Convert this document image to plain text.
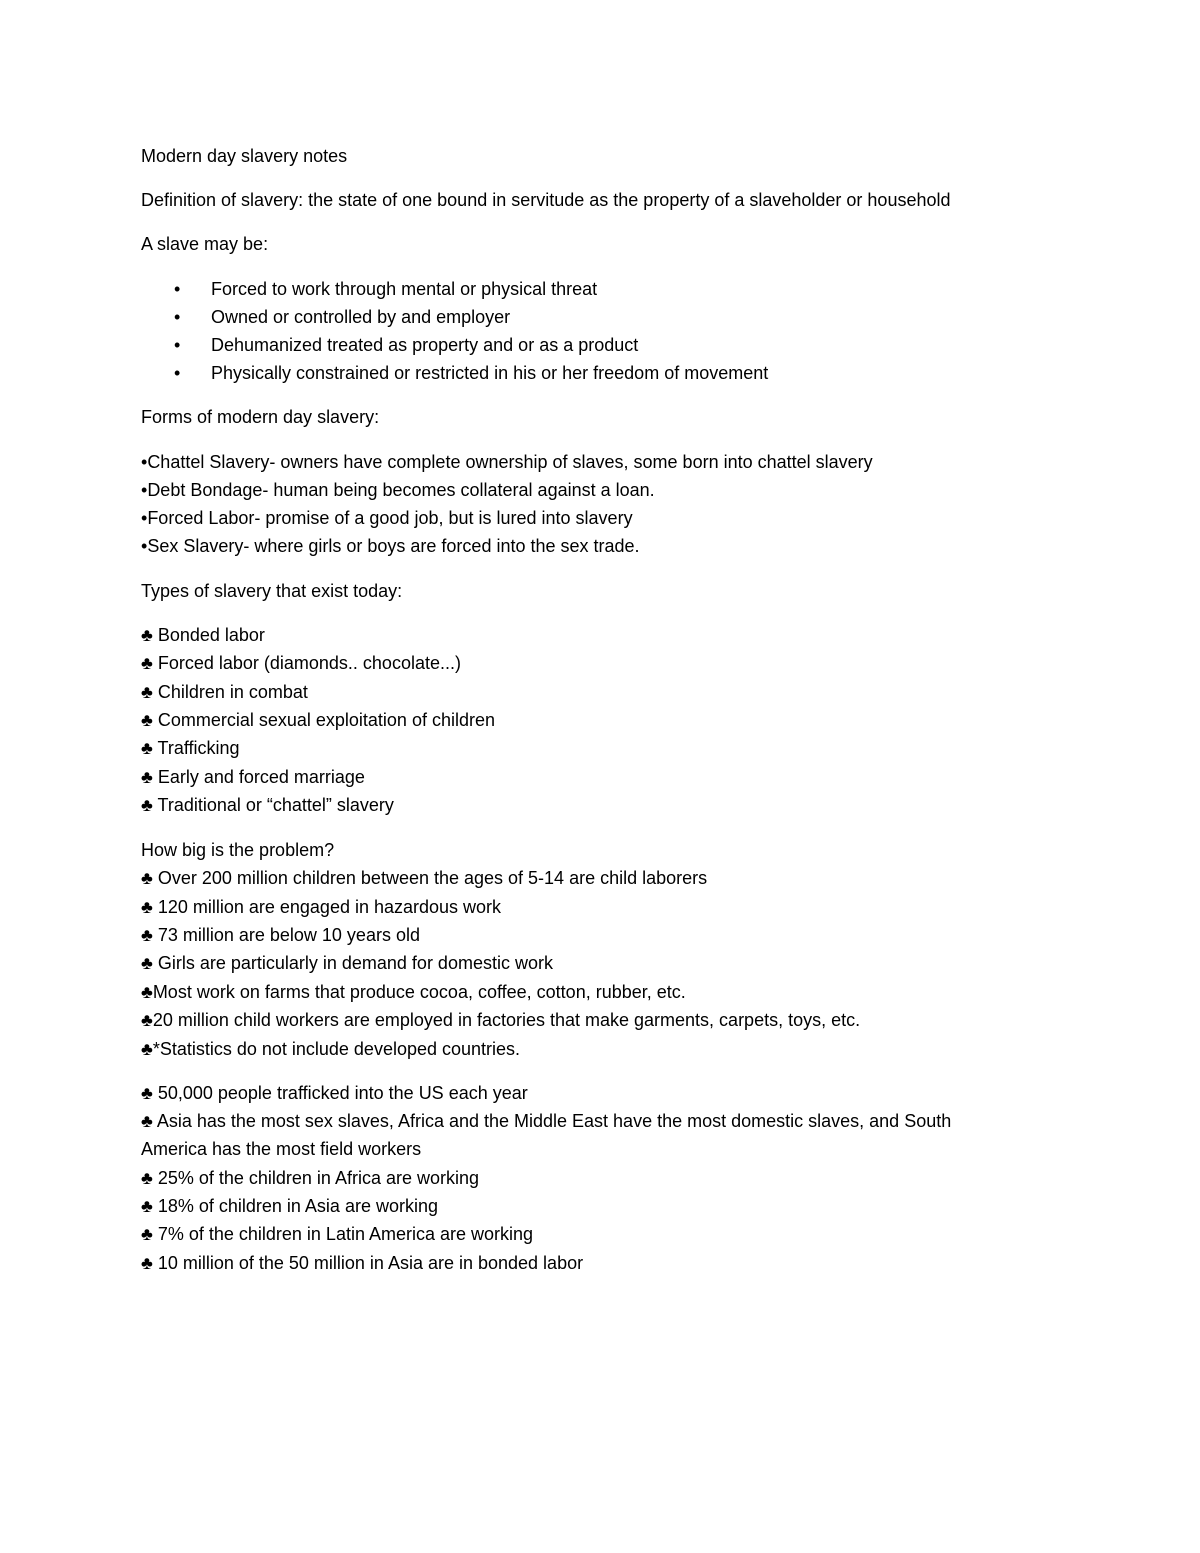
Modern day slavery notes
Definition of slavery: the state of one bound in servitude as the property of a slaveholder or household
A slave may be:
• Forced to work through mental or physical threat
• Owned or controlled by and employer
• Dehumanized treated as property and or as a product
• Physically constrained or restricted in his or her freedom of movement
Forms of modern day slavery:
•Chattel Slavery- owners have complete ownership of slaves, some born into chattel slavery
•Debt Bondage- human being becomes collateral against a loan.
•Forced Labor- promise of a good job, but is lured into slavery
•Sex Slavery- where girls or boys are forced into the sex trade.
Types of slavery that exist today:
♣ Bonded labor
♣ Forced labor (diamonds.. chocolate...)
♣ Children in combat
♣ Commercial sexual exploitation of children
♣ Trafficking
♣ Early and forced marriage
♣ Traditional or “chattel” slavery
How big is the problem?
♣ Over 200 million children between the ages of 5-14 are child laborers
♣ 120 million are engaged in hazardous work
♣ 73 million are below 10 years old
♣ Girls are particularly in demand for domestic work
♣Most work on farms that produce cocoa, coffee, cotton, rubber, etc.
♣20 million child workers are employed in factories that make garments, carpets, toys, etc.
♣*Statistics do not include developed countries.
♣ 50,000 people trafficked into the US each year
♣ Asia has the most sex slaves, Africa and the Middle East have the most domestic slaves, and South
America has the most field workers
♣ 25% of the children in Africa are working
♣ 18% of children in Asia are working
♣ 7% of the children in Latin America are working
♣ 10 million of the 50 million in Asia are in bonded labor
